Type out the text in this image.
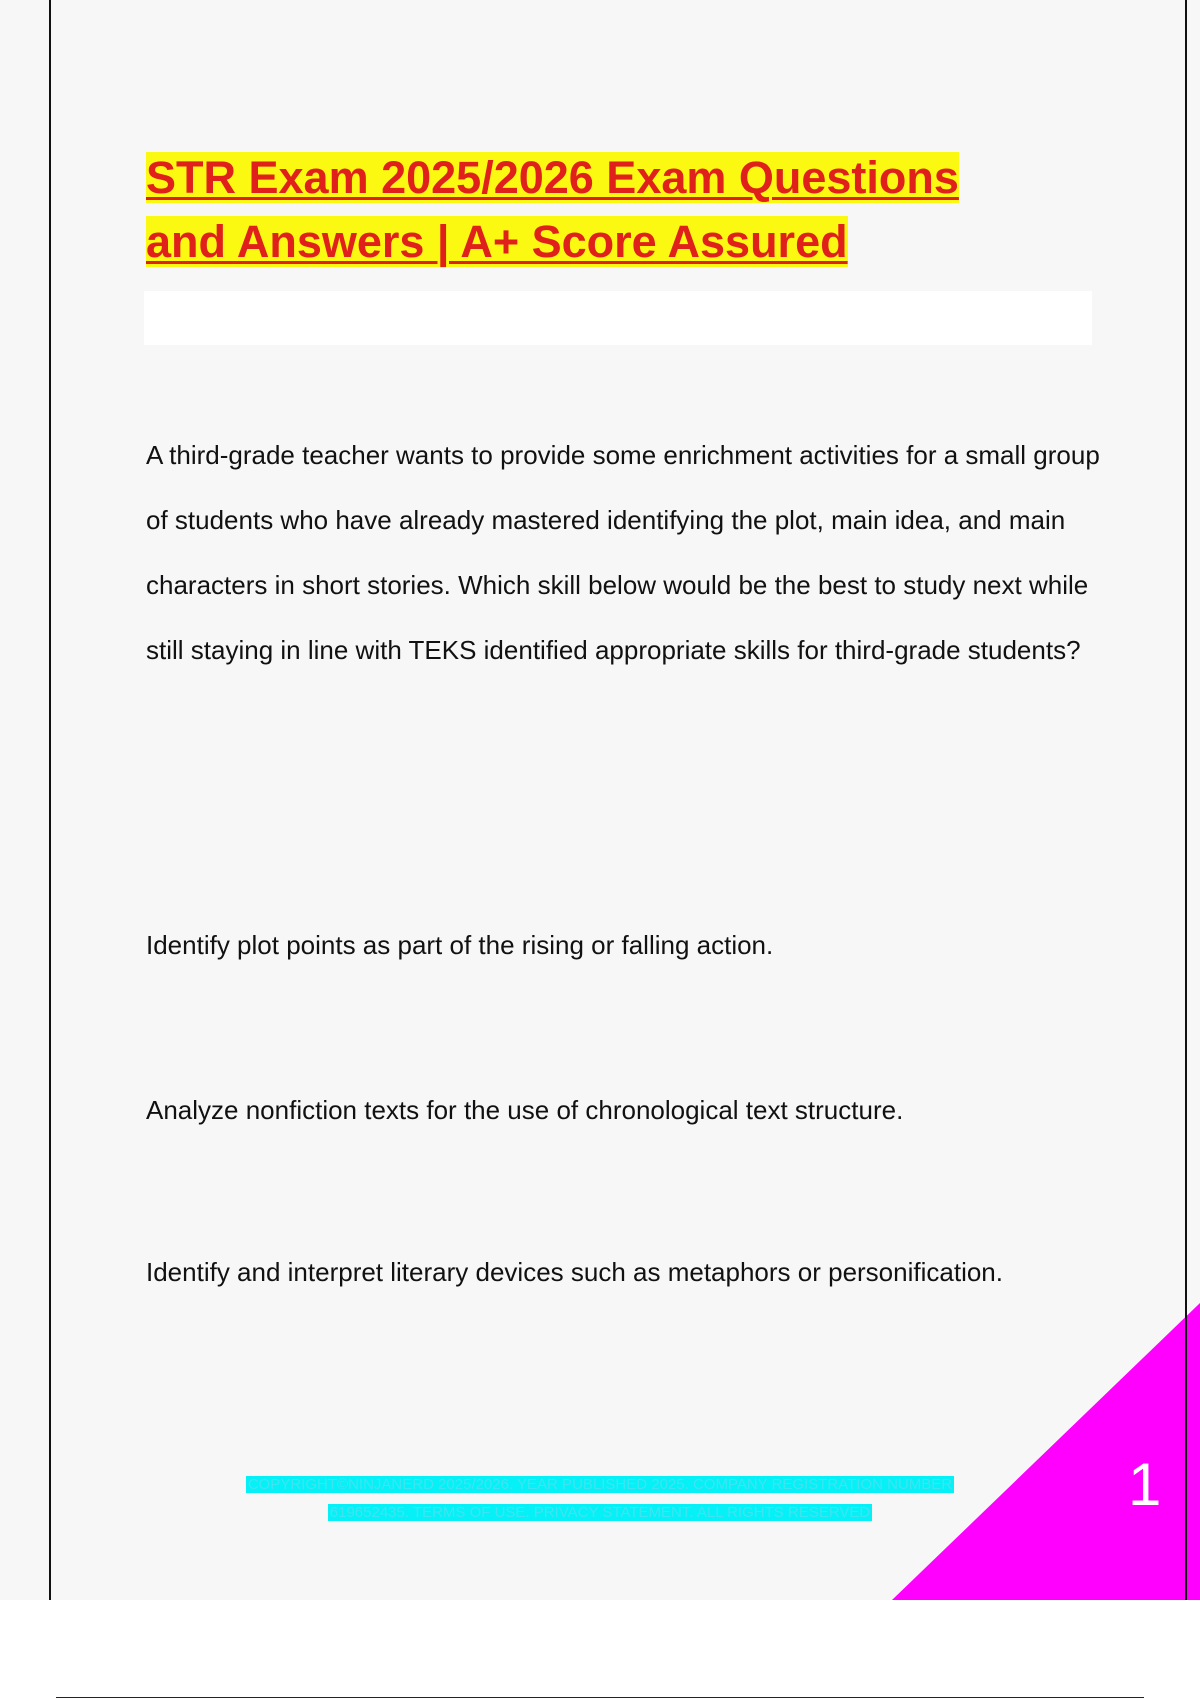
STR Exam 2025/2026 Exam Questions
and Answers | A+ Score Assured

A third-grade teacher wants to provide some enrichment activities for a small group of students who have already mastered identifying the plot, main idea, and main characters in short stories. Which skill below would be the best to study next while still staying in line with TEKS identified appropriate skills for third-grade students?

Identify plot points as part of the rising or falling action.

Analyze nonfiction texts for the use of chronological text structure.

Identify and interpret literary devices such as metaphors or personification.

COPYRIGHT©NINJANERD 2025/2026. YEAR PUBLISHED 2025. COMPANY REGISTRATION NUMBER
619652435. TERMS OF USE. PRIVACY STATEMENT. ALL RIGHTS RESERVED	1
